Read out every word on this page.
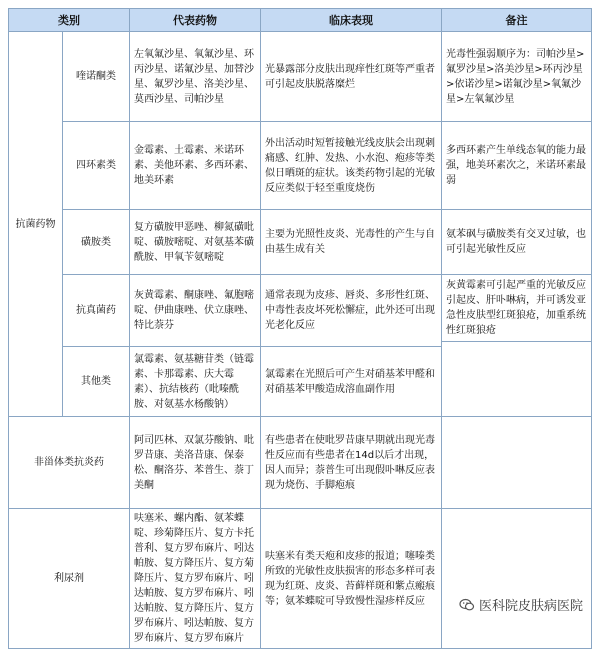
类别		代表药物	临床表现	备注
抗菌药物	喹诺酮类	左氧氟沙星、氧氟沙星、环丙沙星、诺氟沙星、加替沙星、氟罗沙星、洛美沙星、莫西沙星、司帕沙星	光暴露部分皮肤出现痒性红斑等严重者可引起皮肤脱落糜烂	光毒性强弱顺序为：司帕沙星>氟罗沙星>洛美沙星>环丙沙星>依诺沙星>诺氟沙星>氧氟沙星>左氧氟沙星
	四环素类	金霉素、土霉素、米诺环素、美他环素、多西环素、地美环素	外出活动时短暂接触光线皮肤会出现刺痛感、红肿、发热、小水泡、疱疹等类似日晒斑的症状。该类药物引起的光敏反应类似于轻至重度烧伤	多西环素产生单线态氧的能力最强，地美环素次之，米诺环素最弱
	磺胺类	复方磺胺甲恶唑、柳氮磺吡啶、磺胺嘧啶、对氨基苯磺酰胺、甲氧苄氨嘧啶	主要为光照性皮炎、光毒性的产生与自由基生成有关	氨苯砜与磺胺类有交叉过敏，也可引起光敏性反应
	抗真菌药	灰黄霉素、酮康唑、氟胞嘧啶、伊曲康唑、伏立康唑、特比萘芬	通常表现为皮疹、唇炎、多形性红斑、中毒性表皮坏死松懈症，此外还可出现光老化反应	灰黄霉素可引起严重的光敏反应引起皮、肝卟啉病，并可诱发亚急性皮肤型红斑狼疮，加重系统性红斑狼疮

	其他类	氯霉素、氨基糖苷类（链霉素、卡那霉素、庆大霉素）、抗结核药（吡嗪酰胺、对氨基水杨酸钠）	氯霉素在光照后可产生对硝基苯甲醛和对硝基苯甲酸造成溶血副作用	
非甾体类抗炎药		阿司匹林、双氯芬酸钠、吡罗昔康、美洛昔康、保泰松、酮洛芬、苯普生、萘丁美酮	有些患者在使吡罗昔康早期就出现光毒性反应而有些患者在14d以后才出现，因人而异；萘普生可出现假卟啉反应表现为烧伤、手脚疱痕	
利尿剂		呋塞米、螺内酯、氨苯蝶啶、珍菊降压片、复方卡托普利、复方罗布麻片、吲达帕胺、复方降压片、复方菊降压片、复方罗布麻片、吲达帕胺、复方罗布麻片、吲达帕胺、复方降压片、复方罗布麻片、吲达帕胺、复方罗布麻片、复方罗布麻片	呋塞米有类天疱和皮疹的报道；噻嗪类所致的光敏性皮肤损害的形态多样可表现为红斑、皮炎、苔藓样斑和紫点瘢痕等；氨苯蝶啶可导致慢性湿疹样反应		医科院皮肤病医院
